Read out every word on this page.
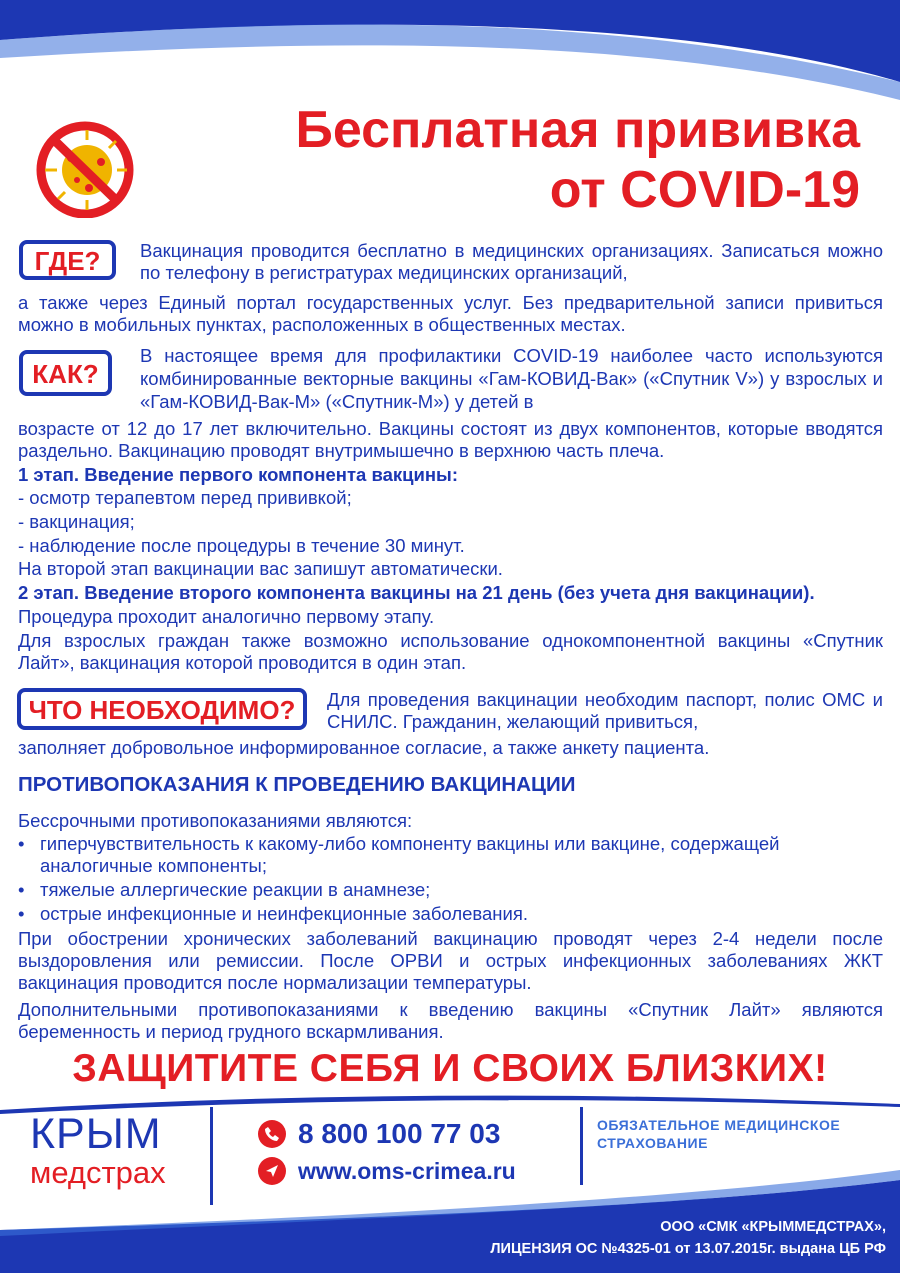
Бесплатная прививка
от COVID-19
ГДЕ?	Вакцинация проводится бесплатно в медицинских организациях. Записаться можно по телефону в регистратурах медицинских организаций,
а также через Единый портал государственных услуг. Без предварительной записи привиться можно в мобильных пунктах, расположенных в общественных местах.
КАК?
В настоящее время для профилактики COVID-19 наиболее часто используются комбинированные векторные вакцины «Гам-КОВИД-Вак» («Спутник V») у взрослых и «Гам-КОВИД-Вак-М» («Спутник-М») у детей в
возрасте от 12 до 17 лет включительно. Вакцины состоят из двух компонентов, которые вводятся раздельно. Вакцинацию проводят внутримышечно в верхнюю часть плеча.
1 этап. Введение первого компонента вакцины:
- осмотр терапевтом перед прививкой;
- вакцинация;
- наблюдение после процедуры в течение 30 минут.
На второй этап вакцинации вас запишут автоматически.
2 этап. Введение второго компонента вакцины на 21 день (без учета дня вакцинации).
Процедура проходит аналогично первому этапу.
Для взрослых граждан также возможно использование однокомпонентной вакцины «Спутник Лайт», вакцинация которой проводится в один этап.
ЧТО НЕОБХОДИМО?	Для проведения вакцинации необходим паспорт, полис ОМС и СНИЛС. Гражданин, желающий привиться,
заполняет добровольное информированное согласие, а также анкету пациента.
ПРОТИВОПОКАЗАНИЯ К ПРОВЕДЕНИЮ ВАКЦИНАЦИИ
Бессрочными противопоказаниями являются:
• гиперчувствительность к какому-либо компоненту вакцины или вакцине, содержащей аналогичные компоненты;
• тяжелые аллергические реакции в анамнезе;
• острые инфекционные и неинфекционные заболевания.
При обострении хронических заболеваний вакцинацию проводят через 2-4 недели после выздоровления или ремиссии. После ОРВИ и острых инфекционных заболеваниях ЖКТ вакцинация проводится после нормализации температуры.
Дополнительными противопоказаниями к введению вакцины «Спутник Лайт» являются беременность и период грудного вскармливания.
ЗАЩИТИТЕ СЕБЯ И СВОИХ БЛИЗКИХ!
КРЫМ
медстрах
8 800 100 77 03
www.oms-crimea.ru
ОБЯЗАТЕЛЬНОЕ МЕДИЦИНСКОЕ СТРАХОВАНИЕ
ООО «СМК «КРЫММЕДСТРАХ»,
ЛИЦЕНЗИЯ ОС №4325-01 от 13.07.2015г. выдана ЦБ РФ
